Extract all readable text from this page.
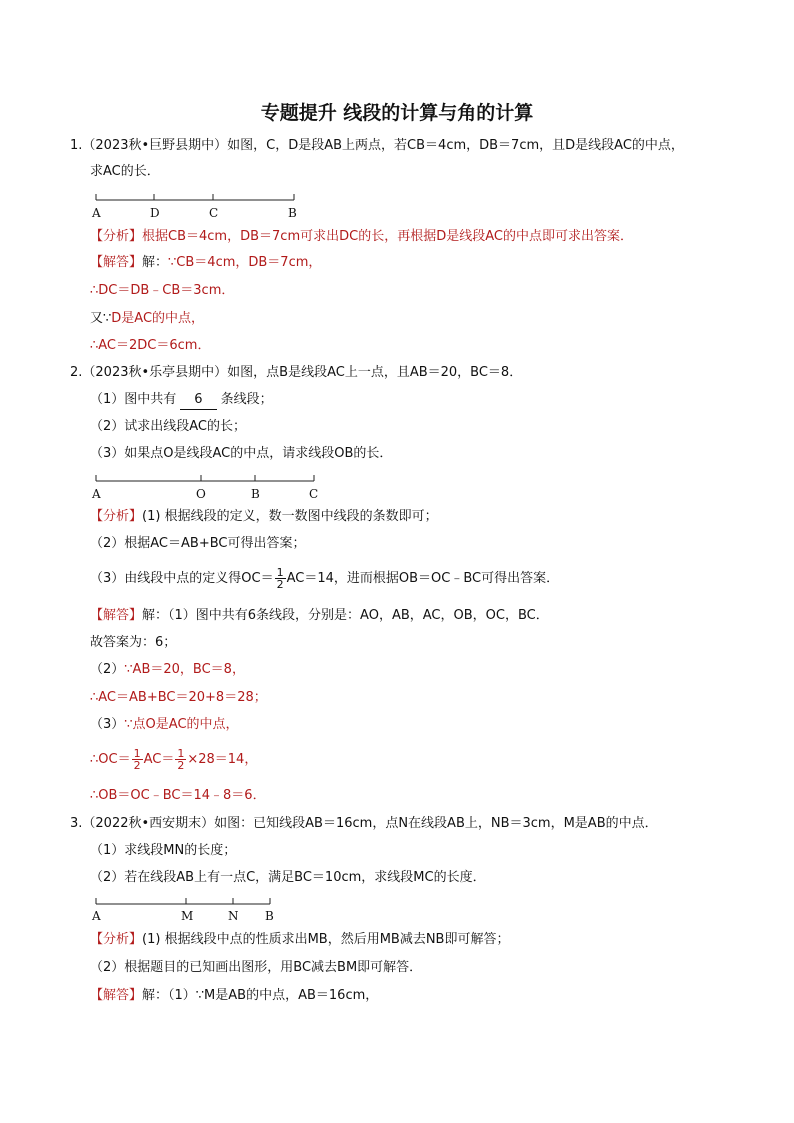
专题提升 线段的计算与角的计算
1.（2023秋•巨野县期中）如图，C，D是段AB上两点，若CB＝4cm，DB＝7cm，且D是线段AC的中点，
求AC的长．
A	D	C	B
【分析】根据CB＝4cm，DB＝7cm可求出DC的长，再根据D是线段AC的中点即可求出答案．
【解答】解：∵CB＝4cm，DB＝7cm，
∴DC＝DB﹣CB＝3cm．
又∵D是AC的中点，
∴AC＝2DC＝6cm．
2.（2023秋•乐亭县期中）如图，点B是线段AC上一点，且AB＝20，BC＝8．
（1）图中共有 6 条线段；
（2）试求出线段AC的长；
（3）如果点O是线段AC的中点，请求线段OB的长．
A	O	B	C
【分析】(1) 根据线段的定义，数一数图中线段的条数即可；
（2）根据AC＝AB+BC可得出答案；
（3）由线段中点的定义得$OC= \frac{1}{2} AC=14$，进而根据OB＝OC﹣BC可得出答案．
【解答】解：（1）图中共有6条线段，分别是：AO，AB，AC，OB，OC，BC．
故答案为：6；
（2）∵AB＝20，BC＝8，
∴AC＝AB+BC＝20+8＝28；
（3）∵点O是AC的中点，
∴OC＝ $\frac{1}{2} AC= \frac{1}{2} \times 28=14$，
∴OB＝OC﹣BC＝14﹣8＝6．
3.（2022秋•西安期末）如图：已知线段AB＝16cm，点N在线段AB上，NB＝3cm，M是AB的中点．
（1）求线段MN的长度；
（2）若在线段AB上有一点C，满足BC＝10cm，求线段MC的长度．
A	M	N B
【分析】(1) 根据线段中点的性质求出MB，然后用MB减去NB即可解答；
（2）根据题目的已知画出图形，用BC减去BM即可解答．
【解答】解：（1）∵M是AB的中点，AB＝16cm，
